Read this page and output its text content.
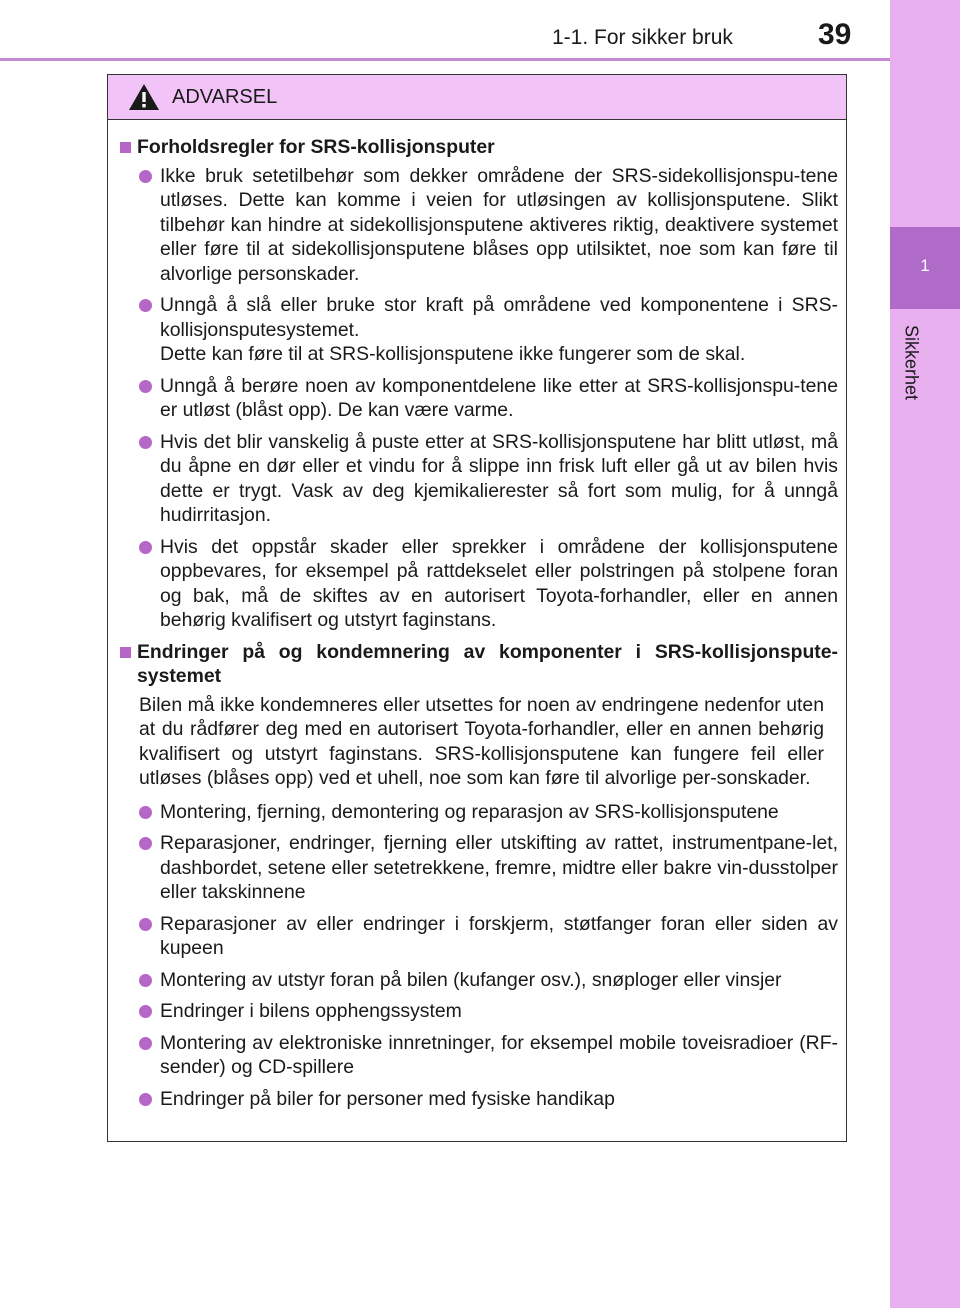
1-1. For sikker bruk	39
1
Sikkerhet
ADVARSEL
Forholdsregler for SRS-kollisjonsputer
Ikke bruk setetilbehør som dekker områdene der SRS-sidekollisjonspu-tene utløses. Dette kan komme i veien for utløsingen av kollisjonsputene. Slikt tilbehør kan hindre at sidekollisjonsputene aktiveres riktig, deaktivere systemet eller føre til at sidekollisjonsputene blåses opp utilsiktet, noe som kan føre til alvorlige personskader.
Unngå å slå eller bruke stor kraft på områdene ved komponentene i SRS-kollisjonsputesystemet.
Dette kan føre til at SRS-kollisjonsputene ikke fungerer som de skal.
Unngå å berøre noen av komponentdelene like etter at SRS-kollisjonspu-tene er utløst (blåst opp). De kan være varme.
Hvis det blir vanskelig å puste etter at SRS-kollisjonsputene har blitt utløst, må du åpne en dør eller et vindu for å slippe inn frisk luft eller gå ut av bilen hvis dette er trygt. Vask av deg kjemikalierester så fort som mulig, for å unngå hudirritasjon.
Hvis det oppstår skader eller sprekker i områdene der kollisjonsputene oppbevares, for eksempel på rattdekselet eller polstringen på stolpene foran og bak, må de skiftes av en autorisert Toyota-forhandler, eller en annen behørig kvalifisert og utstyrt faginstans.
Endringer på og kondemnering av komponenter i SRS-kollisjonspute-systemet
Bilen må ikke kondemneres eller utsettes for noen av endringene nedenfor uten at du rådfører deg med en autorisert Toyota-forhandler, eller en annen behørig kvalifisert og utstyrt faginstans. SRS-kollisjonsputene kan fungere feil eller utløses (blåses opp) ved et uhell, noe som kan føre til alvorlige per-sonskader.
Montering, fjerning, demontering og reparasjon av SRS-kollisjonsputene
Reparasjoner, endringer, fjerning eller utskifting av rattet, instrumentpane-let, dashbordet, setene eller setetrekkene, fremre, midtre eller bakre vin-dusstolper eller takskinnene
Reparasjoner av eller endringer i forskjerm, støtfanger foran eller siden av kupeen
Montering av utstyr foran på bilen (kufanger osv.), snøploger eller vinsjer
Endringer i bilens opphengssystem
Montering av elektroniske innretninger, for eksempel mobile toveisradioer (RF-sender) og CD-spillere
Endringer på biler for personer med fysiske handikap
